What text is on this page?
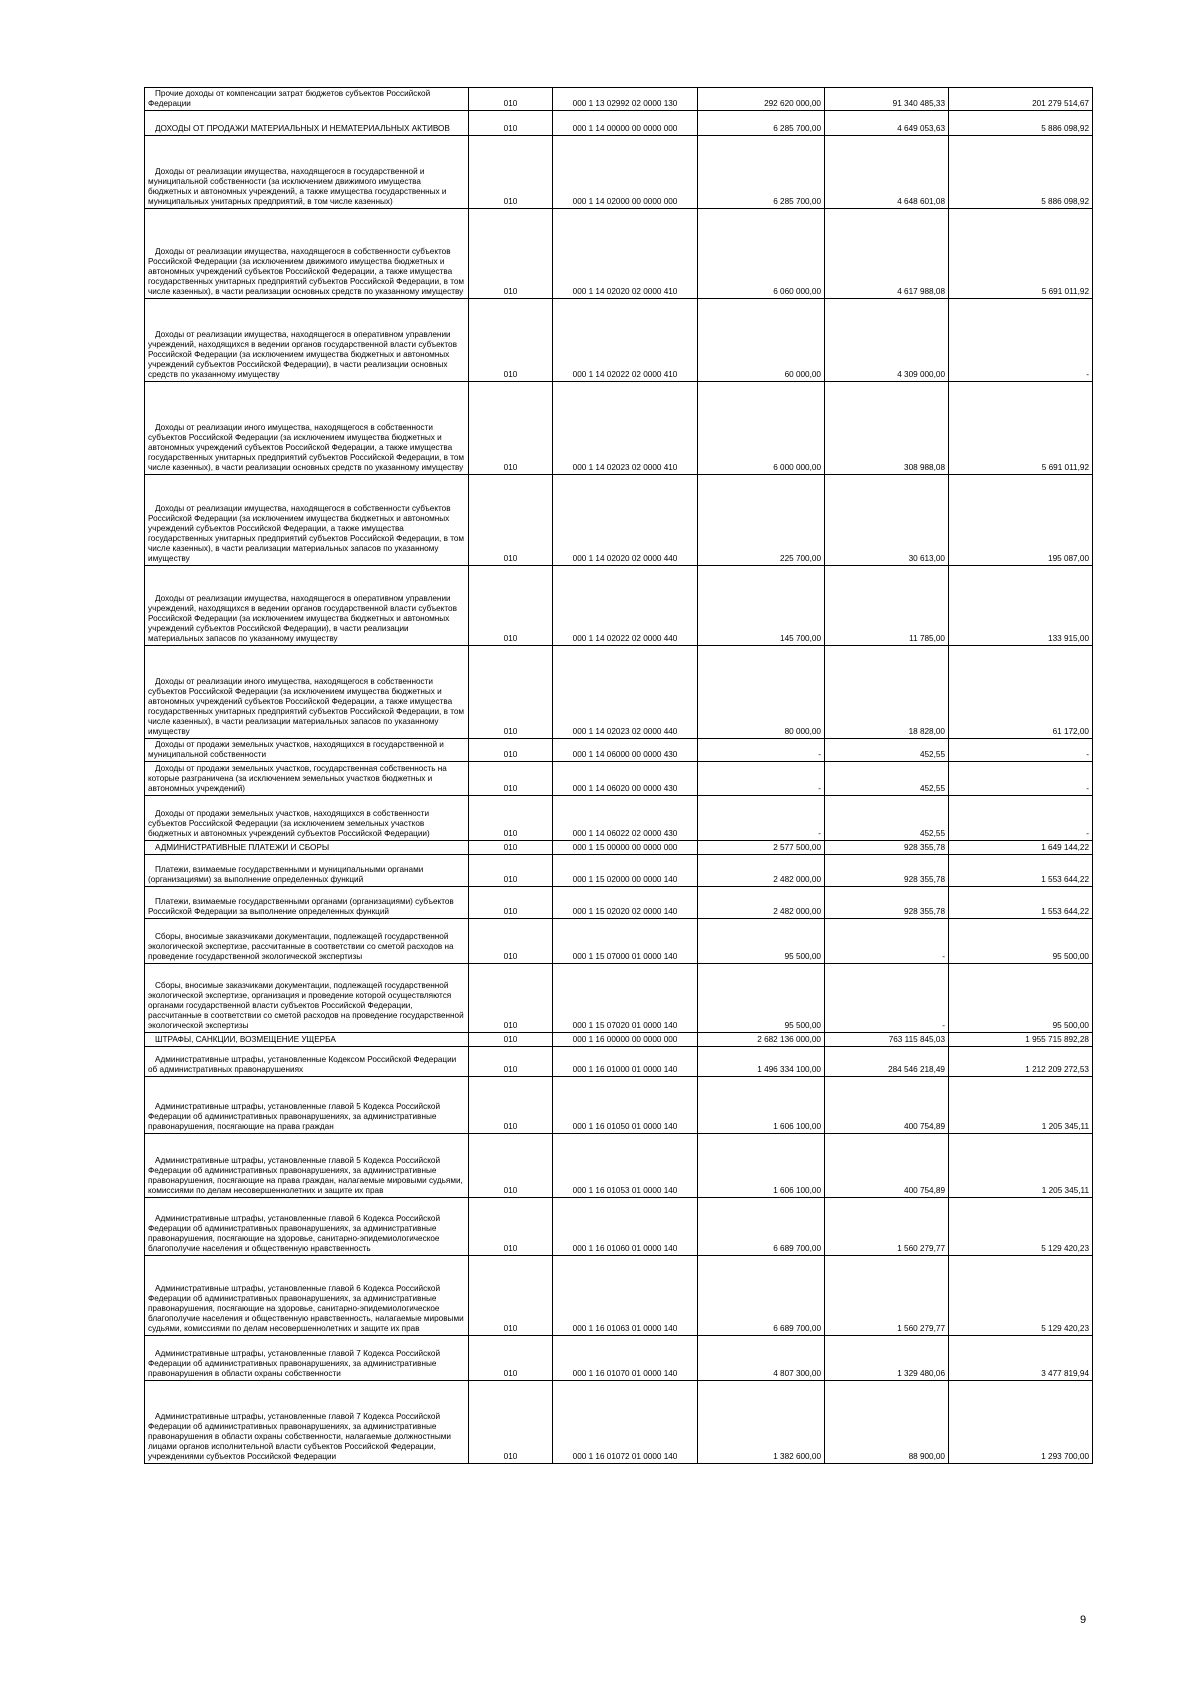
Прочие доходы от компенсации затрат бюджетов субъектов Российской Федерации	010	000 1 13 02992 02 0000 130	292 620 000,00	91 340 485,33	201 279 514,67

ДОХОДЫ ОТ ПРОДАЖИ МАТЕРИАЛЬНЫХ И НЕМАТЕРИАЛЬНЫХ АКТИВОВ	010	000 1 14 00000 00 0000 000	6 285 700,00	4 649 053,63	5 886 098,92

Доходы от реализации имущества, находящегося в государственной и муниципальной собственности (за исключением движимого имущества бюджетных и автономных учреждений, а также имущества государственных и муниципальных унитарных предприятий, в том числе казенных)	010	000 1 14 02000 00 0000 000	6 285 700,00	4 648 601,08	5 886 098,92

Доходы от реализации имущества, находящегося в собственности субъектов Российской Федерации (за исключением движимого имущества бюджетных и автономных учреждений субъектов Российской Федерации, а также имущества государственных унитарных предприятий субъектов Российской Федерации, в том числе казенных), в части реализации основных средств по указанному имуществу	010	000 1 14 02020 02 0000 410	6 060 000,00	4 617 988,08	5 691 011,92

Доходы от реализации имущества, находящегося в оперативном управлении учреждений, находящихся в ведении органов государственной власти субъектов Российской Федерации (за исключением имущества бюджетных и автономных учреждений субъектов Российской Федерации), в части реализации основных средств по указанному имуществу	010	000 1 14 02022 02 0000 410	60 000,00	4 309 000,00	-

Доходы от реализации иного имущества, находящегося в собственности субъектов Российской Федерации (за исключением имущества бюджетных и автономных учреждений субъектов Российской Федерации, а также имущества государственных унитарных предприятий субъектов Российской Федерации, в том числе казенных), в части реализации основных средств по указанному имуществу	010	000 1 14 02023 02 0000 410	6 000 000,00	308 988,08	5 691 011,92

Доходы от реализации имущества, находящегося в собственности субъектов Российской Федерации (за исключением имущества бюджетных и автономных учреждений субъектов Российской Федерации, а также имущества государственных унитарных предприятий субъектов Российской Федерации, в том числе казенных), в части реализации материальных запасов по указанному имуществу	010	000 1 14 02020 02 0000 440	225 700,00	30 613,00	195 087,00

Доходы от реализации имущества, находящегося в оперативном управлении учреждений, находящихся в ведении органов государственной власти субъектов Российской Федерации (за исключением имущества бюджетных и автономных учреждений субъектов Российской Федерации), в части реализации материальных запасов по указанному имуществу	010	000 1 14 02022 02 0000 440	145 700,00	11 785,00	133 915,00

Доходы от реализации иного имущества, находящегося в собственности субъектов Российской Федерации (за исключением имущества бюджетных и автономных учреждений субъектов Российской Федерации, а также имущества государственных унитарных предприятий субъектов Российской Федерации, в том числе казенных), в части реализации материальных запасов по указанному имуществу	010	000 1 14 02023 02 0000 440	80 000,00	18 828,00	61 172,00

Доходы от продажи земельных участков, находящихся в государственной и муниципальной собственности	010	000 1 14 06000 00 0000 430	-	452,55	-

Доходы от продажи земельных участков, государственная собственность на которые разграничена (за исключением земельных участков бюджетных и автономных учреждений)	010	000 1 14 06020 00 0000 430	-	452,55	-

Доходы от продажи земельных участков, находящихся в собственности субъектов Российской Федерации (за исключением земельных участков бюджетных и автономных учреждений субъектов Российской Федерации)	010	000 1 14 06022 02 0000 430	-	452,55	-

АДМИНИСТРАТИВНЫЕ ПЛАТЕЖИ И СБОРЫ	010	000 1 15 00000 00 0000 000	2 577 500,00	928 355,78	1 649 144,22

Платежи, взимаемые государственными и муниципальными органами (организациями) за выполнение определенных функций	010	000 1 15 02000 00 0000 140	2 482 000,00	928 355,78	1 553 644,22

Платежи, взимаемые государственными органами (организациями) субъектов Российской Федерации за выполнение определенных функций	010	000 1 15 02020 02 0000 140	2 482 000,00	928 355,78	1 553 644,22

Сборы, вносимые заказчиками документации, подлежащей государственной экологической экспертизе, рассчитанные в соответствии со сметой расходов на проведение государственной экологической экспертизы	010	000 1 15 07000 01 0000 140	95 500,00	-	95 500,00

Сборы, вносимые заказчиками документации, подлежащей государственной экологической экспертизе, организация и проведение которой осуществляются органами государственной власти субъектов Российской Федерации, рассчитанные в соответствии со сметой расходов на проведение государственной экологической экспертизы	010	000 1 15 07020 01 0000 140	95 500,00	-	95 500,00

ШТРАФЫ, САНКЦИИ, ВОЗМЕЩЕНИЕ УЩЕРБА	010	000 1 16 00000 00 0000 000	2 682 136 000,00	763 115 845,03	1 955 715 892,28

Административные штрафы, установленные Кодексом Российской Федерации об административных правонарушениях	010	000 1 16 01000 01 0000 140	1 496 334 100,00	284 546 218,49	1 212 209 272,53

Административные штрафы, установленные главой 5 Кодекса Российской Федерации об административных правонарушениях, за административные правонарушения, посягающие на права граждан	010	000 1 16 01050 01 0000 140	1 606 100,00	400 754,89	1 205 345,11

Административные штрафы, установленные главой 5 Кодекса Российской Федерации об административных правонарушениях, за административные правонарушения, посягающие на права граждан, налагаемые мировыми судьями, комиссиями по делам несовершеннолетних и защите их прав	010	000 1 16 01053 01 0000 140	1 606 100,00	400 754,89	1 205 345,11

Административные штрафы, установленные главой 6 Кодекса Российской Федерации об административных правонарушениях, за административные правонарушения, посягающие на здоровье, санитарно-эпидемиологическое благополучие населения и общественную нравственность	010	000 1 16 01060 01 0000 140	6 689 700,00	1 560 279,77	5 129 420,23

Административные штрафы, установленные главой 6 Кодекса Российской Федерации об административных правонарушениях, за административные правонарушения, посягающие на здоровье, санитарно-эпидемиологическое благополучие населения и общественную нравственность, налагаемые мировыми судьями, комиссиями по делам несовершеннолетних и защите их прав	010	000 1 16 01063 01 0000 140	6 689 700,00	1 560 279,77	5 129 420,23

Административные штрафы, установленные главой 7 Кодекса Российской Федерации об административных правонарушениях, за административные правонарушения в области охраны собственности	010	000 1 16 01070 01 0000 140	4 807 300,00	1 329 480,06	3 477 819,94

Административные штрафы, установленные главой 7 Кодекса Российской Федерации об административных правонарушениях, за административные правонарушения в области охраны собственности, налагаемые должностными лицами органов исполнительной власти субъектов Российской Федерации, учреждениями субъектов Российской Федерации	010	000 1 16 01072 01 0000 140	1 382 600,00	88 900,00	1 293 700,00
9
